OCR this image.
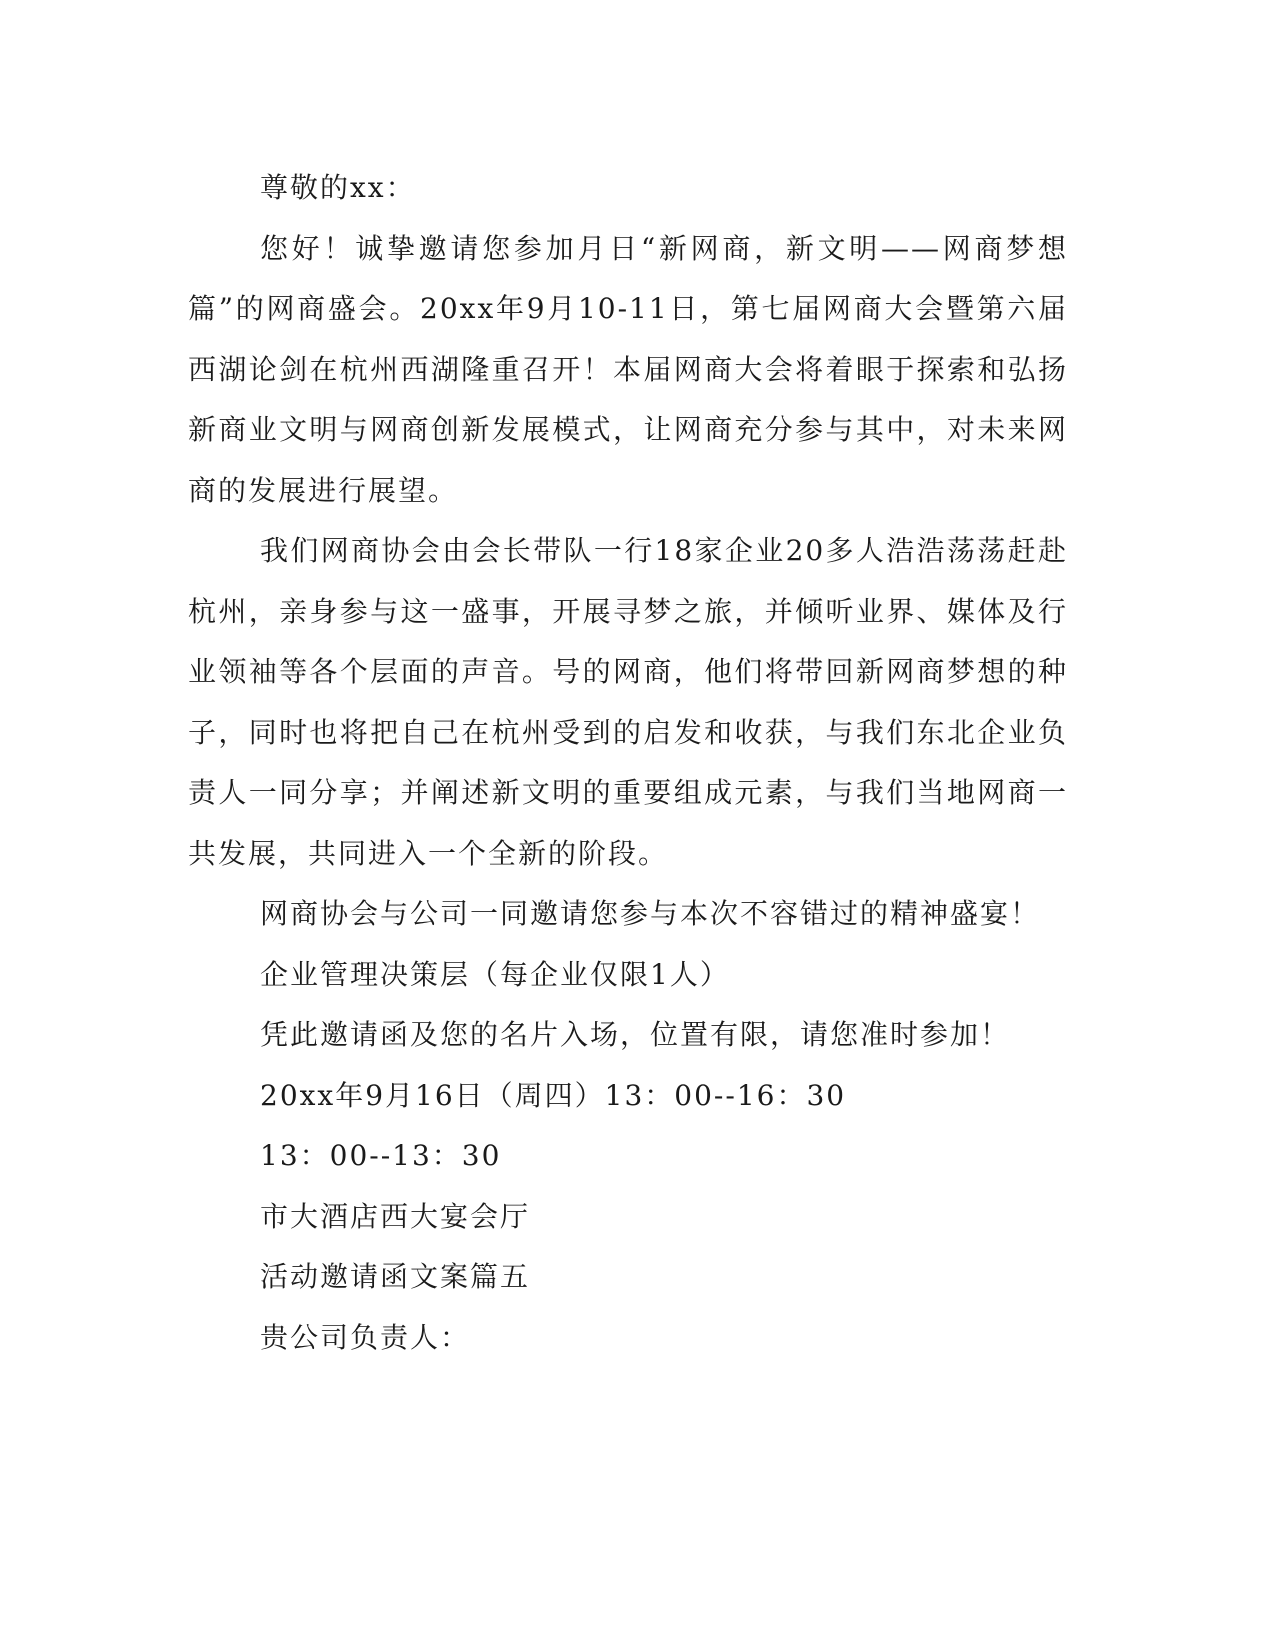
尊敬的xx：

您好！诚挚邀请您参加月日“新网商，新文明——网商梦想篇”的网商盛会。20xx年9月10-11日，第七届网商大会暨第六届西湖论剑在杭州西湖隆重召开！本届网商大会将着眼于探索和弘扬新商业文明与网商创新发展模式，让网商充分参与其中，对未来网商的发展进行展望。

我们网商协会由会长带队一行18家企业20多人浩浩荡荡赶赴杭州，亲身参与这一盛事，开展寻梦之旅，并倾听业界、媒体及行业领袖等各个层面的声音。号的网商，他们将带回新网商梦想的种子，同时也将把自己在杭州受到的启发和收获，与我们东北企业负责人一同分享；并阐述新文明的重要组成元素，与我们当地网商一共发展，共同进入一个全新的阶段。

网商协会与公司一同邀请您参与本次不容错过的精神盛宴！

企业管理决策层（每企业仅限1人）

凭此邀请函及您的名片入场，位置有限，请您准时参加！

20xx年9月16日（周四）13：00--16：30

13：00--13：30

市大酒店西大宴会厅

活动邀请函文案篇五

贵公司负责人：
